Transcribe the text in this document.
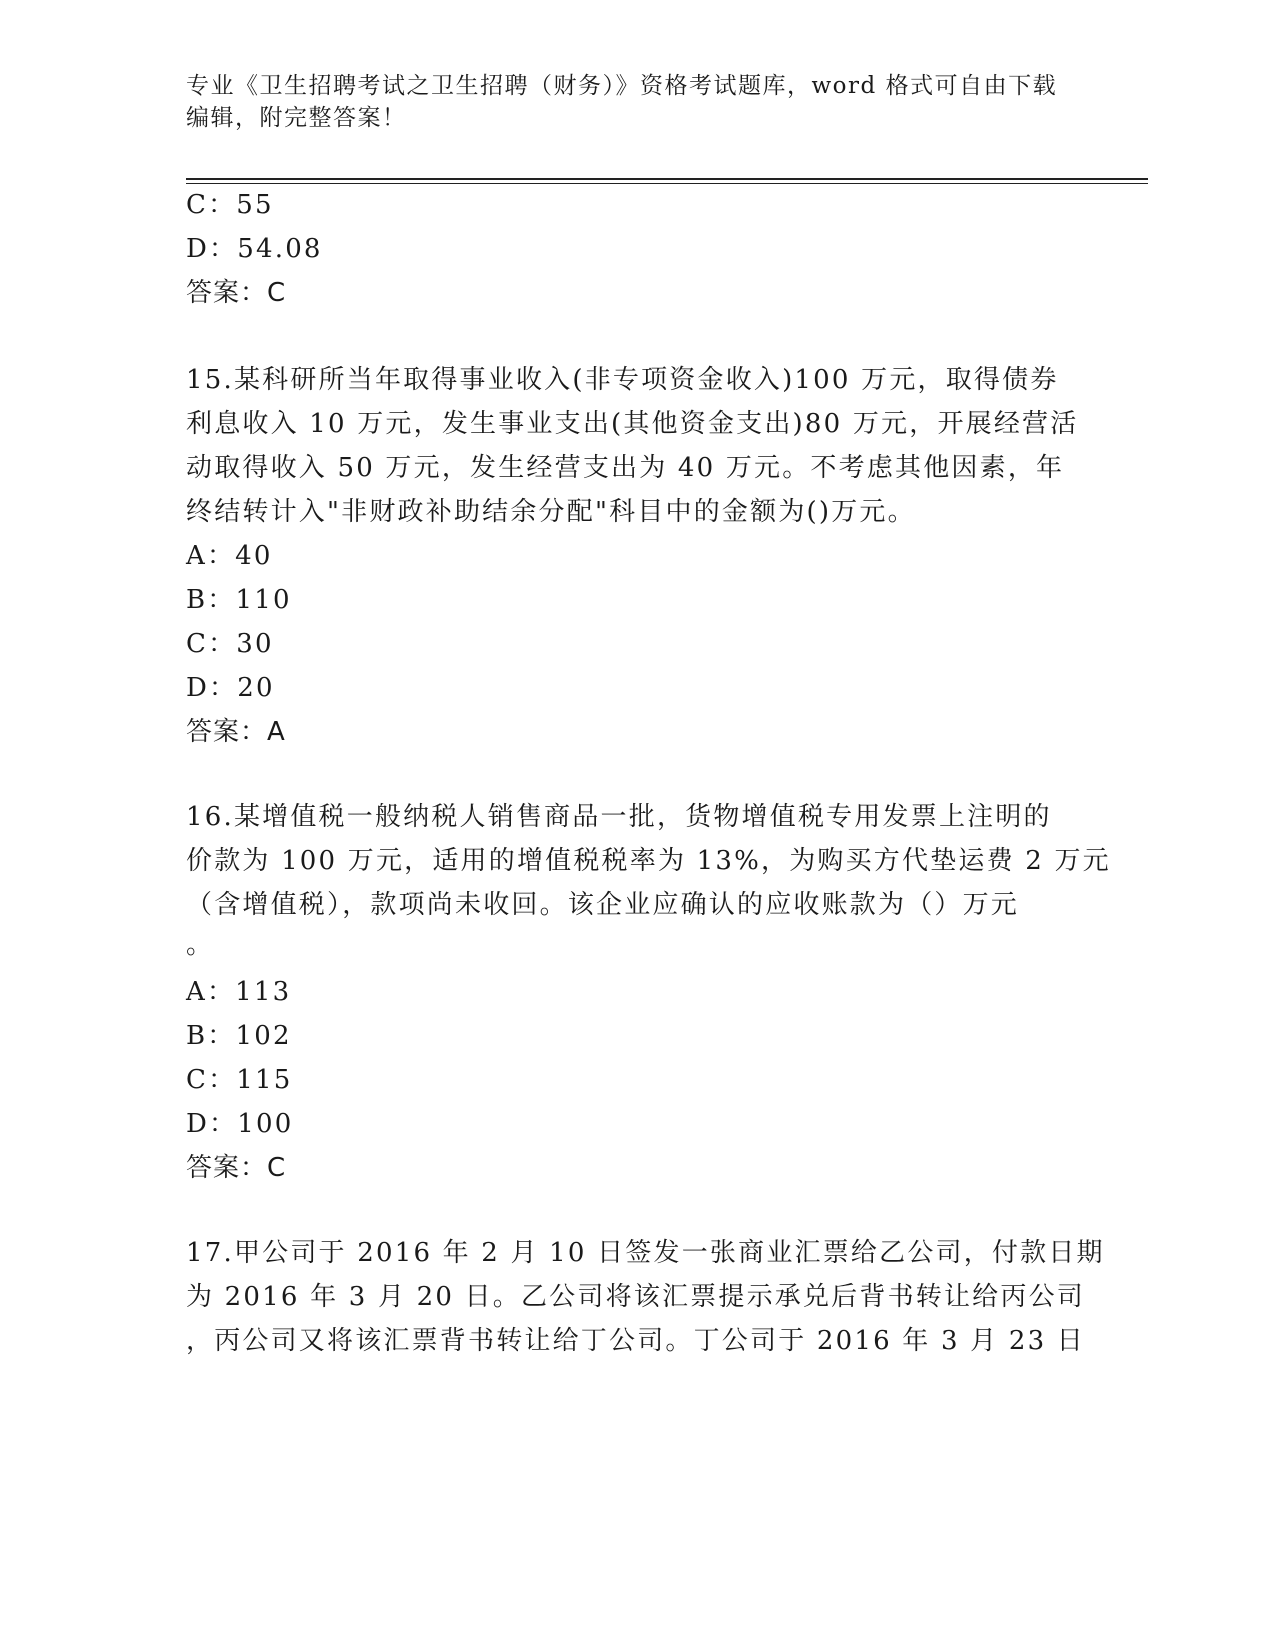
专业《卫生招聘考试之卫生招聘（财务）》资格考试题库，word 格式可自由下载
编辑，附完整答案！
C：55
D：54.08
答案：C
15.某科研所当年取得事业收入(非专项资金收入)100 万元，取得债券
利息收入 10 万元，发生事业支出(其他资金支出)80 万元，开展经营活
动取得收入 50 万元，发生经营支出为 40 万元。不考虑其他因素，年
终结转计入"非财政补助结余分配"科目中的金额为()万元。
A：40
B：110
C：30
D：20
答案：A
16.某增值税一般纳税人销售商品一批，货物增值税专用发票上注明的
价款为 100 万元，适用的增值税税率为 13%，为购买方代垫运费 2 万元
（含增值税），款项尚未收回。该企业应确认的应收账款为（）万元
。
A：113
B：102
C：115
D：100
答案：C
17.甲公司于 2016 年 2 月 10 日签发一张商业汇票给乙公司，付款日期
为 2016 年 3 月 20 日。乙公司将该汇票提示承兑后背书转让给丙公司
，丙公司又将该汇票背书转让给丁公司。丁公司于 2016 年 3 月 23 日
